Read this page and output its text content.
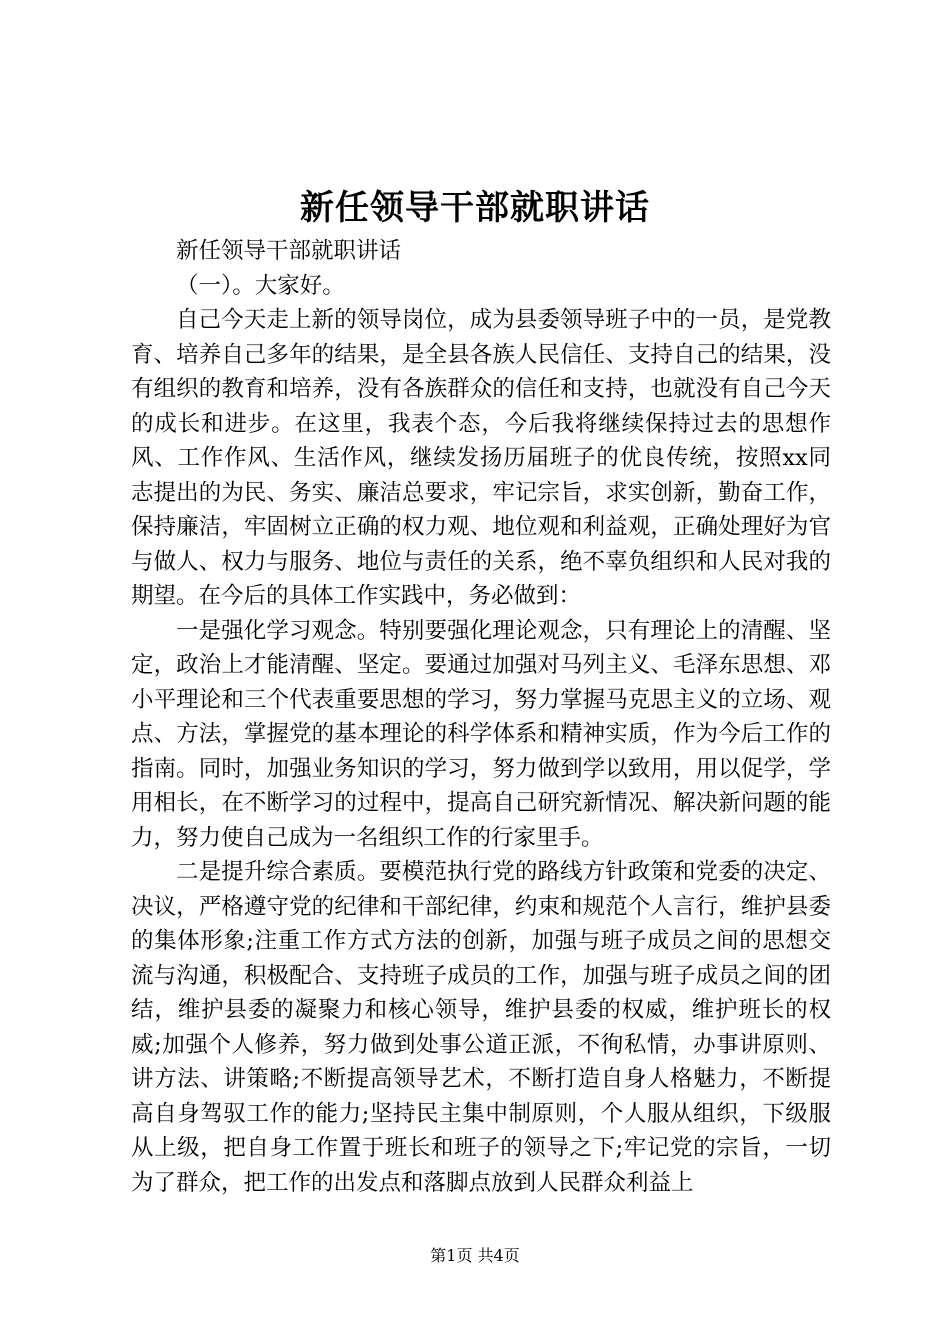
新任领导干部就职讲话

新任领导干部就职讲话

（一）。大家好。

自己今天走上新的领导岗位，成为县委领导班子中的一员，是党教育、培养自己多年的结果，是全县各族人民信任、支持自己的结果，没有组织的教育和培养，没有各族群众的信任和支持，也就没有自己今天的成长和进步。在这里，我表个态，今后我将继续保持过去的思想作风、工作作风、生活作风，继续发扬历届班子的优良传统，按照xx同志提出的为民、务实、廉洁总要求，牢记宗旨，求实创新，勤奋工作，保持廉洁，牢固树立正确的权力观、地位观和利益观，正确处理好为官与做人、权力与服务、地位与责任的关系，绝不辜负组织和人民对我的期望。在今后的具体工作实践中，务必做到：

一是强化学习观念。特别要强化理论观念，只有理论上的清醒、坚定，政治上才能清醒、坚定。要通过加强对马列主义、毛泽东思想、邓小平理论和三个代表重要思想的学习，努力掌握马克思主义的立场、观点、方法，掌握党的基本理论的科学体系和精神实质，作为今后工作的指南。同时，加强业务知识的学习，努力做到学以致用，用以促学，学用相长，在不断学习的过程中，提高自己研究新情况、解决新问题的能力，努力使自己成为一名组织工作的行家里手。

二是提升综合素质。要模范执行党的路线方针政策和党委的决定、决议，严格遵守党的纪律和干部纪律，约束和规范个人言行，维护县委的集体形象;注重工作方式方法的创新，加强与班子成员之间的思想交流与沟通，积极配合、支持班子成员的工作，加强与班子成员之间的团结，维护县委的凝聚力和核心领导，维护县委的权威，维护班长的权威;加强个人修养，努力做到处事公道正派，不徇私情，办事讲原则、讲方法、讲策略;不断提高领导艺术，不断打造自身人格魅力，不断提高自身驾驭工作的能力;坚持民主集中制原则，个人服从组织，下级服从上级，把自身工作置于班长和班子的领导之下;牢记党的宗旨，一切为了群众，把工作的出发点和落脚点放到人民群众利益上

第1页 共4页
